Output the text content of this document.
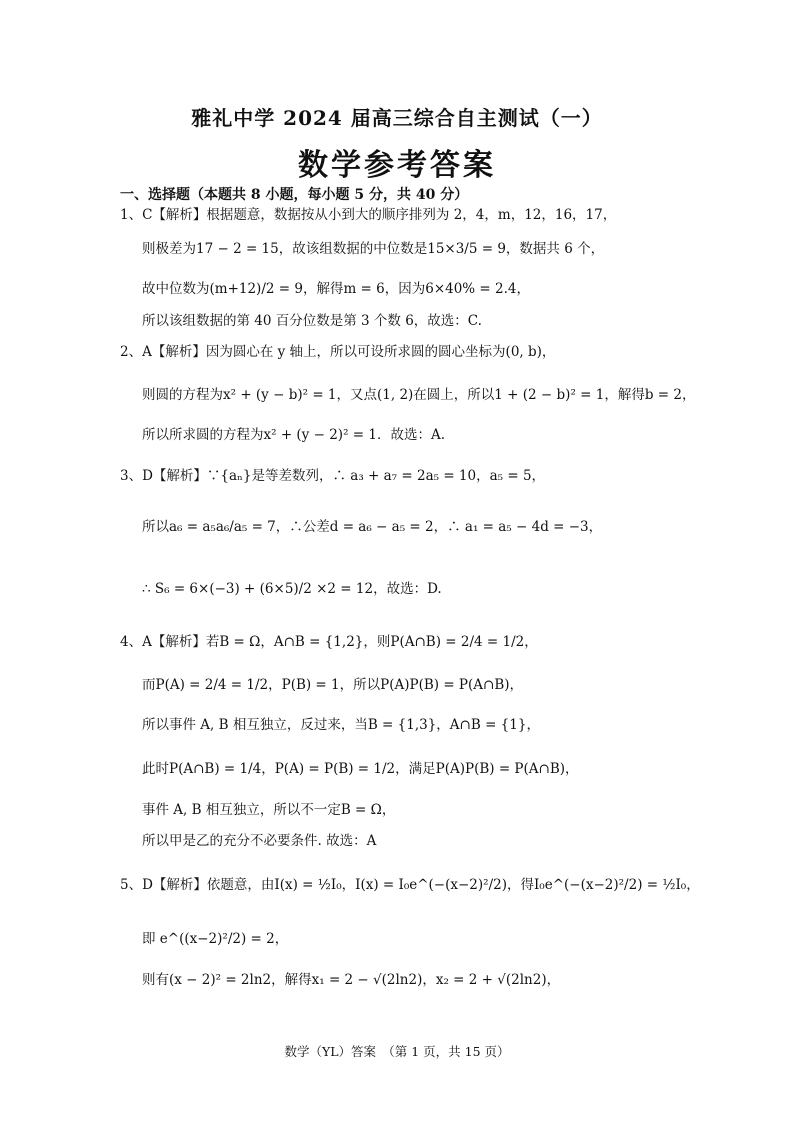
雅礼中学 2024 届高三综合自主测试（一）
数学参考答案
一、选择题（本题共 8 小题，每小题 5 分，共 40 分）
1、C【解析】根据题意，数据按从小到大的顺序排列为 2，4，m，12，16，17，
则极差为17 − 2 = 15，故该组数据的中位数是15×3/5 = 9，数据共 6 个，
故中位数为(m+12)/2 = 9，解得m = 6，因为6×40% = 2.4，
所以该组数据的第 40 百分位数是第 3 个数 6，故选：C.
2、A【解析】因为圆心在 y 轴上，所以可设所求圆的圆心坐标为(0, b)，
则圆的方程为x² + (y − b)² = 1，又点(1, 2)在圆上，所以1 + (2 − b)² = 1，解得b = 2，
所以所求圆的方程为x² + (y − 2)² = 1．故选：A.
3、D【解析】∵{aₙ}是等差数列，∴ a₃ + a₇ = 2a₅ = 10，a₅ = 5，
所以a₆ = a₅a₆/a₅ = 7，∴公差d = a₆ − a₅ = 2，∴ a₁ = a₅ − 4d = −3，
∴ S₆ = 6×(−3) + (6×5)/2 ×2 = 12，故选：D.
4、A【解析】若B = Ω，A∩B = {1,2}，则P(A∩B) = 2/4 = 1/2，
而P(A) = 2/4 = 1/2，P(B) = 1，所以P(A)P(B) = P(A∩B)，
所以事件 A, B 相互独立，反过来，当B = {1,3}，A∩B = {1}，
此时P(A∩B) = 1/4，P(A) = P(B) = 1/2，满足P(A)P(B) = P(A∩B)，
事件 A, B 相互独立，所以不一定B = Ω，
所以甲是乙的充分不必要条件. 故选：A
5、D【解析】依题意，由I(x) = ½I₀，I(x) = I₀e^(−(x−2)²/2)，得I₀e^(−(x−2)²/2) = ½I₀，
即 e^((x−2)²/2) = 2，
则有(x − 2)² = 2ln2，解得x₁ = 2 − √(2ln2)，x₂ = 2 + √(2ln2)，
数学（YL）答案　（第 1 页，共 15 页）
